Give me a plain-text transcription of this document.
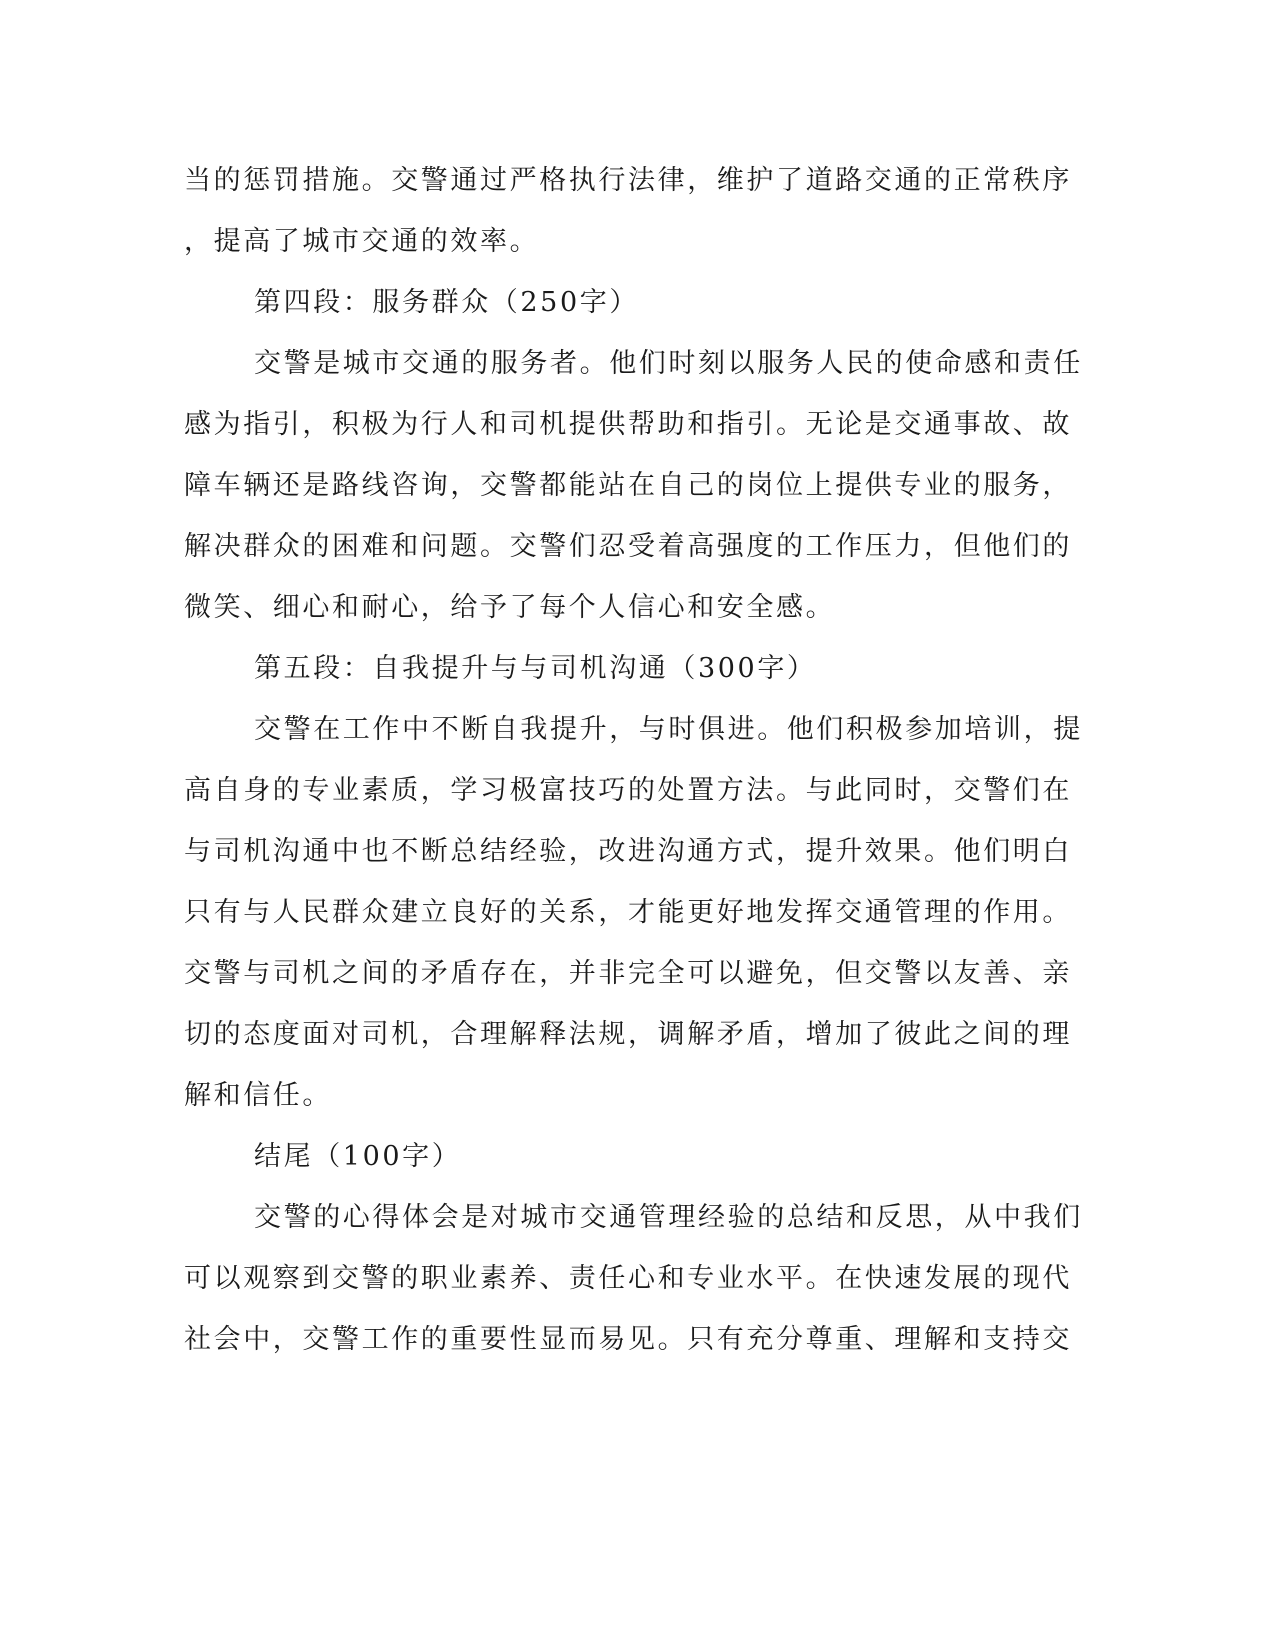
当的惩罚措施。交警通过严格执行法律，维护了道路交通的正常秩序

，提高了城市交通的效率。

第四段：服务群众（250字）

交警是城市交通的服务者。他们时刻以服务人民的使命感和责任

感为指引，积极为行人和司机提供帮助和指引。无论是交通事故、故

障车辆还是路线咨询，交警都能站在自己的岗位上提供专业的服务，

解决群众的困难和问题。交警们忍受着高强度的工作压力，但他们的

微笑、细心和耐心，给予了每个人信心和安全感。

第五段：自我提升与与司机沟通（300字）

交警在工作中不断自我提升，与时俱进。他们积极参加培训，提

高自身的专业素质，学习极富技巧的处置方法。与此同时，交警们在

与司机沟通中也不断总结经验，改进沟通方式，提升效果。他们明白

只有与人民群众建立良好的关系，才能更好地发挥交通管理的作用。

交警与司机之间的矛盾存在，并非完全可以避免，但交警以友善、亲

切的态度面对司机，合理解释法规，调解矛盾，增加了彼此之间的理

解和信任。

结尾（100字）

交警的心得体会是对城市交通管理经验的总结和反思，从中我们

可以观察到交警的职业素养、责任心和专业水平。在快速发展的现代

社会中，交警工作的重要性显而易见。只有充分尊重、理解和支持交
